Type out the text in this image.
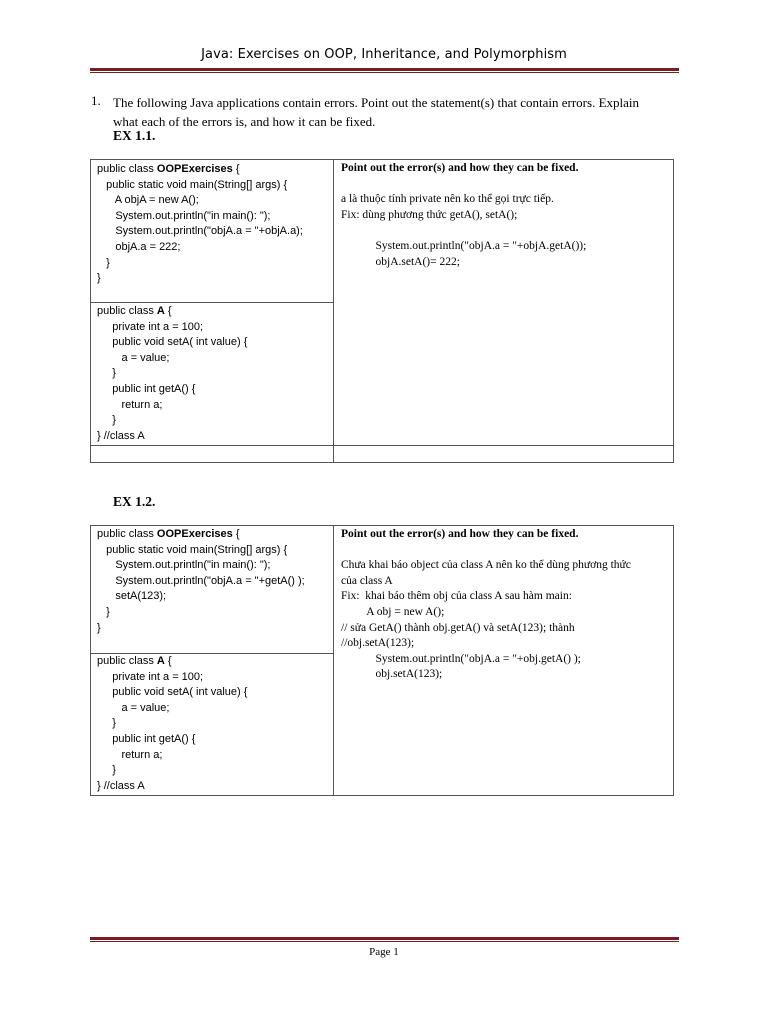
Java: Exercises on OOP, Inheritance, and Polymorphism
1. The following Java applications contain errors. Point out the statement(s) that contain errors. Explain
what each of the errors is, and how it can be fixed.
EX 1.1.
public class OOPExercises {
public static void main(String[] args) {
A objA = new A();
System.out.println("in main(): ");
System.out.println("objA.a = "+objA.a);
objA.a = 222;
}
}
public class A {
private int a = 100;
public void setA( int value) {
a = value;
}
public int getA() {
return a;
}
} //class A
Point out the error(s) and how they can be fixed.

a là thuộc tính private nên ko thể gọi trực tiếp.
Fix: dùng phương thức getA(), setA();

System.out.println("objA.a = "+objA.getA());
objA.setA()= 222;
EX 1.2.
public class OOPExercises {
public static void main(String[] args) {
System.out.println("in main(): ");
System.out.println("objA.a = "+getA() );
setA(123);
}
}
public class A {
private int a = 100;
public void setA( int value) {
a = value;
}
public int getA() {
return a;
}
} //class A
Point out the error(s) and how they can be fixed.

Chưa khai báo object của class A nên ko thể dùng phương thức
của class A
Fix:  khai báo thêm obj của class A sau hàm main:
A obj = new A();
// sửa GetA() thành obj.getA() và setA(123); thành
//obj.setA(123);
System.out.println("objA.a = "+obj.getA() );
obj.setA(123);
Page 1
